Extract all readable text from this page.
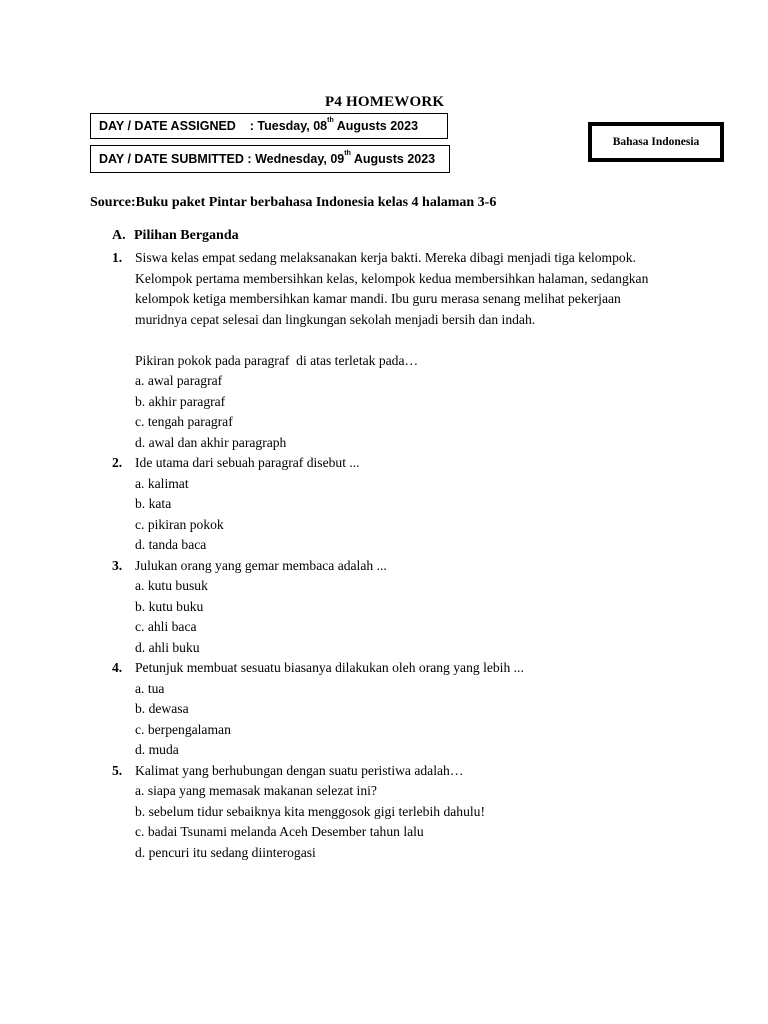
P4 HOMEWORK
DAY / DATE ASSIGNED
:
Tuesday, 08th Augusts 2023
DAY / DATE SUBMITTED
:
Wednesday, 09th Augusts 2023
Bahasa Indonesia
Source:Buku paket Pintar berbahasa Indonesia kelas 4 halaman 3-6
A. Pilihan Berganda
1. Siswa kelas empat sedang melaksanakan kerja bakti. Mereka dibagi menjadi tiga kelompok. Kelompok pertama membersihkan kelas, kelompok kedua membersihkan halaman, sedangkan kelompok ketiga membersihkan kamar mandi. Ibu guru merasa senang melihat pekerjaan muridnya cepat selesai dan lingkungan sekolah menjadi bersih dan indah.
Pikiran pokok pada paragraf  di atas terletak pada…
a. awal paragraf
b. akhir paragraf
c. tengah paragraf
d. awal dan akhir paragraph
2. Ide utama dari sebuah paragraf disebut ...
a. kalimat
b. kata
c. pikiran pokok
d. tanda baca
3. Julukan orang yang gemar membaca adalah ...
a. kutu busuk
b. kutu buku
c. ahli baca
d. ahli buku
4. Petunjuk membuat sesuatu biasanya dilakukan oleh orang yang lebih ...
a. tua
b. dewasa
c. berpengalaman
d. muda
5. Kalimat yang berhubungan dengan suatu peristiwa adalah…
a. siapa yang memasak makanan selezat ini?
b. sebelum tidur sebaiknya kita menggosok gigi terlebih dahulu!
c. badai Tsunami melanda Aceh Desember tahun lalu
d. pencuri itu sedang diinterogasi
